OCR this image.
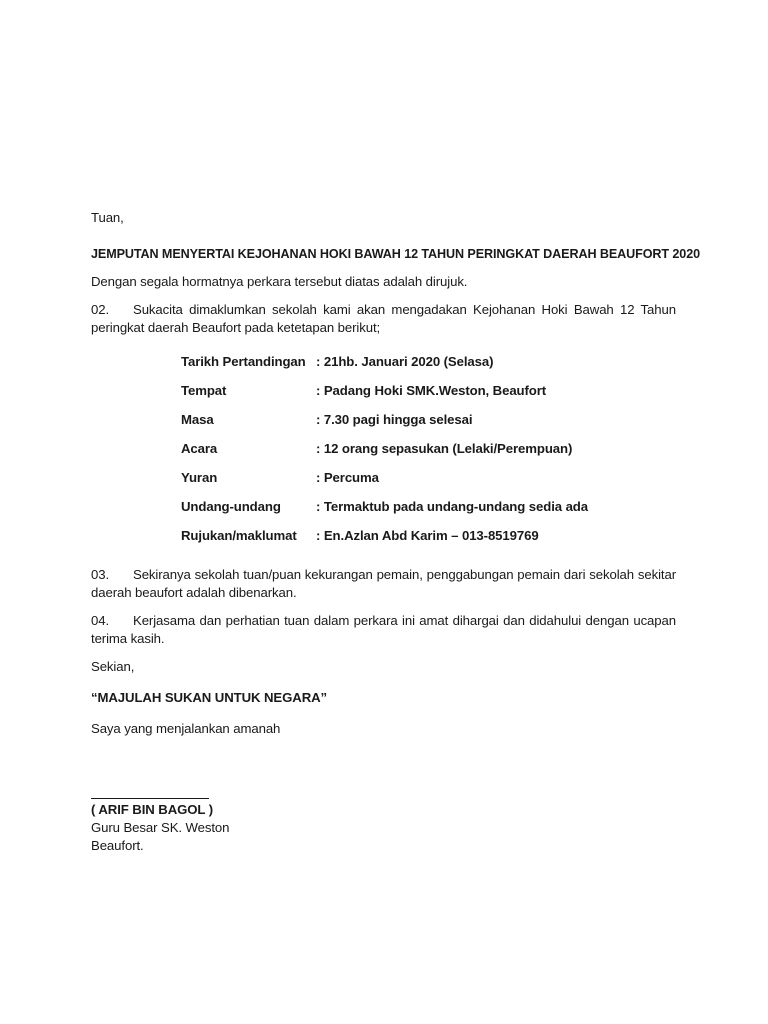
Tuan,

JEMPUTAN MENYERTAI KEJOHANAN HOKI BAWAH 12 TAHUN PERINGKAT DAERAH BEAUFORT 2020

Dengan segala hormatnya perkara tersebut diatas adalah dirujuk.

02. Sukacita dimaklumkan sekolah kami akan mengadakan Kejohanan Hoki Bawah 12 Tahun peringkat daerah Beaufort pada ketetapan berikut;

Tarikh Pertandingan : 21hb. Januari 2020 (Selasa)
Tempat	: Padang Hoki SMK.Weston, Beaufort
Masa	: 7.30 pagi hingga selesai
Acara	: 12 orang sepasukan (Lelaki/Perempuan)
Yuran	: Percuma
Undang-undang	: Termaktub pada undang-undang sedia ada
Rujukan/maklumat	: En.Azlan Abd Karim – 013-8519769

03. Sekiranya sekolah tuan/puan kekurangan pemain, penggabungan pemain dari sekolah sekitar daerah beaufort adalah dibenarkan.

04. Kerjasama dan perhatian tuan dalam perkara ini amat dihargai dan didahului dengan ucapan terima kasih.

Sekian,

“MAJULAH SUKAN UNTUK NEGARA”

Saya yang menjalankan amanah

( ARIF BIN BAGOL )
Guru Besar SK. Weston
Beaufort.
